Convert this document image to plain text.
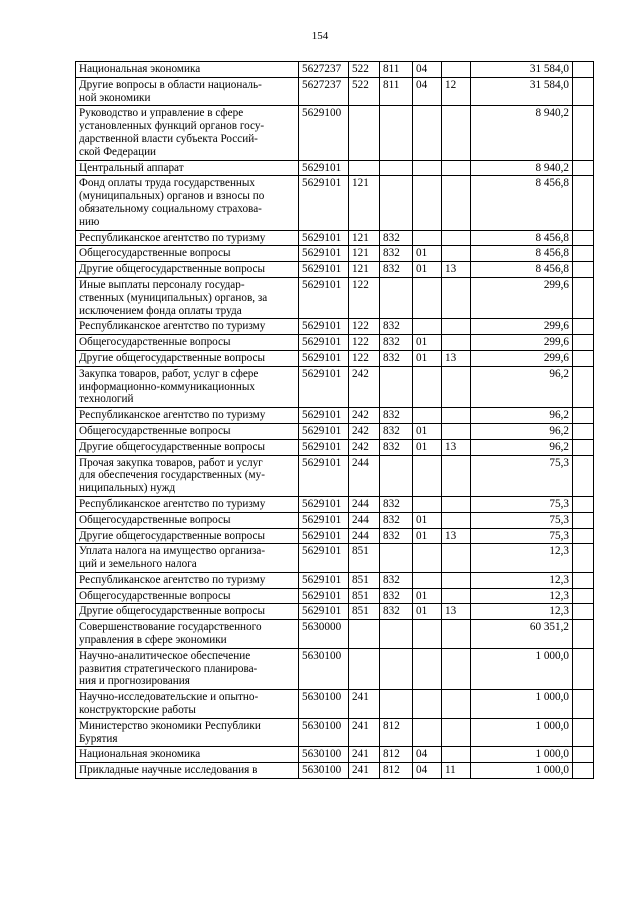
154
Национальная экономика	5627237	522	811	04		31 584,0	
Другие вопросы в области националь-
ной экономики	5627237	522	811	04	12	31 584,0	
Руководство и управление в сфере
установленных функций органов госу-
дарственной власти субъекта Россий-
ской Федерации	5629100					8 940,2	
Центральный аппарат	5629101					8 940,2	
Фонд оплаты труда государственных
(муниципальных) органов и взносы по
обязательному социальному страхова-
нию	5629101	121				8 456,8	
Республиканское агентство по туризму	5629101	121	832			8 456,8	
Общегосударственные вопросы	5629101	121	832	01		8 456,8	
Другие общегосударственные вопросы	5629101	121	832	01	13	8 456,8	
Иные выплаты персоналу государ-
ственных (муниципальных) органов, за
исключением фонда оплаты труда	5629101	122				299,6	
Республиканское агентство по туризму	5629101	122	832			299,6	
Общегосударственные вопросы	5629101	122	832	01		299,6	
Другие общегосударственные вопросы	5629101	122	832	01	13	299,6	
Закупка товаров, работ, услуг в сфере
информационно-коммуникационных
технологий	5629101	242				96,2	
Республиканское агентство по туризму	5629101	242	832			96,2	
Общегосударственные вопросы	5629101	242	832	01		96,2	
Другие общегосударственные вопросы	5629101	242	832	01	13	96,2	
Прочая закупка товаров, работ и услуг
для обеспечения государственных (му-
ниципальных) нужд	5629101	244				75,3	
Республиканское агентство по туризму	5629101	244	832			75,3	
Общегосударственные вопросы	5629101	244	832	01		75,3	
Другие общегосударственные вопросы	5629101	244	832	01	13	75,3	
Уплата налога на имущество организа-
ций и земельного налога	5629101	851				12,3	
Республиканское агентство по туризму	5629101	851	832			12,3	
Общегосударственные вопросы	5629101	851	832	01		12,3	
Другие общегосударственные вопросы	5629101	851	832	01	13	12,3	
Совершенствование государственного
управления в сфере экономики	5630000					60 351,2	
Научно-аналитическое обеспечение
развития стратегического планирова-
ния и прогнозирования	5630100					1 000,0	
Научно-исследовательские и опытно-
конструкторские работы	5630100	241				1 000,0	
Министерство экономики Республики
Бурятия	5630100	241	812			1 000,0	
Национальная экономика	5630100	241	812	04		1 000,0	
Прикладные научные исследования в	5630100	241	812	04	11	1 000,0	
